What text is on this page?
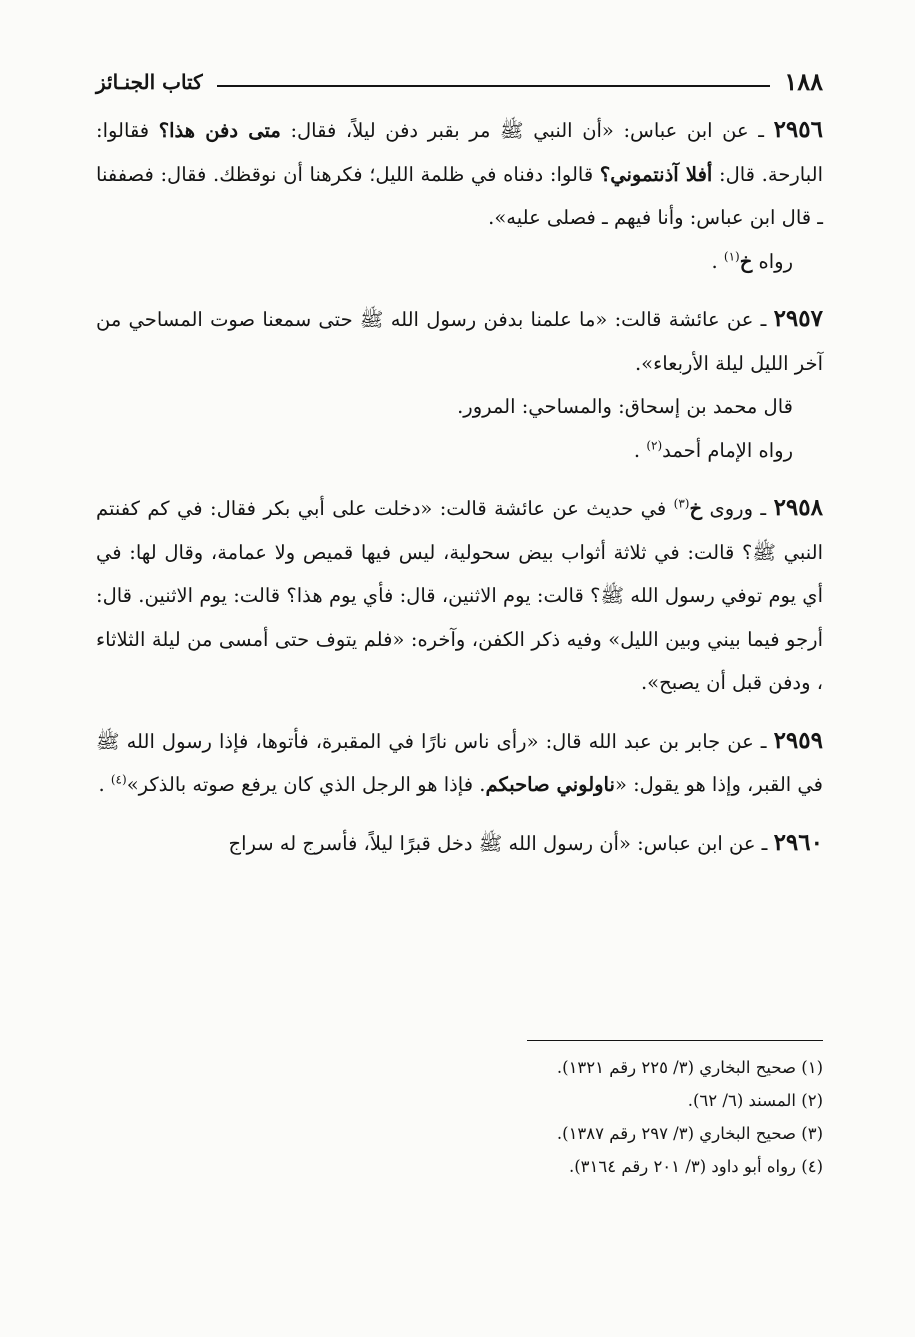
١٨٨
كتاب الجنـائز

٢٩٥٦ ـ عن ابن عباس: «أن النبي ﷺ مر بقبر دفن ليلاً، فقال: متى دفن هذا؟ فقالوا: البارحة. قال: أفلا آذنتموني؟ قالوا: دفناه في ظلمة الليل؛ فكرهنا أن نوقظك. فقال: فصففنا ـ قال ابن عباس: وأنا فيهم ـ فصلى عليه».
رواه خ$^{(١)}$ .

٢٩٥٧ ـ عن عائشة قالت: «ما علمنا بدفن رسول الله ﷺ حتى سمعنا صوت المساحي من آخر الليل ليلة الأربعاء».
قال محمد بن إسحاق: والمساحي: المرور.
رواه الإمام أحمد$^{(٢)}$ .

٢٩٥٨ ـ وروى خ$^{(٣)}$ في حديث عن عائشة قالت: «دخلت على أبي بكر فقال: في كم كفنتم النبي ﷺ؟ قالت: في ثلاثة أثواب بيض سحولية، ليس فيها قميص ولا عمامة، وقال لها: في أي يوم توفي رسول الله ﷺ؟ قالت: يوم الاثنين، قال: فأي يوم هذا؟ قالت: يوم الاثنين. قال: أرجو فيما بيني وبين الليل» وفيه ذكر الكفن، وآخره: «فلم يتوف حتى أمسى من ليلة الثلاثاء ، ودفن قبل أن يصبح».

٢٩٥٩ ـ عن جابر بن عبد الله قال: «رأى ناس نارًا في المقبرة، فأتوها، فإذا رسول الله ﷺ في القبر، وإذا هو يقول: «ناولوني صاحبكم. فإذا هو الرجل الذي كان يرفع صوته بالذكر»$^{(٤)}$ .

٢٩٦٠ ـ عن ابن عباس: «أن رسول الله ﷺ دخل قبرًا ليلاً، فأسرج له سراج

(١) صحيح البخاري (٣/ ٢٢٥ رقم ١٣٢١).
(٢) المسند (٦/ ٦٢).
(٣) صحيح البخاري (٣/ ٢٩٧ رقم ١٣٨٧).
(٤) رواه أبو داود (٣/ ٢٠١ رقم ٣١٦٤).
